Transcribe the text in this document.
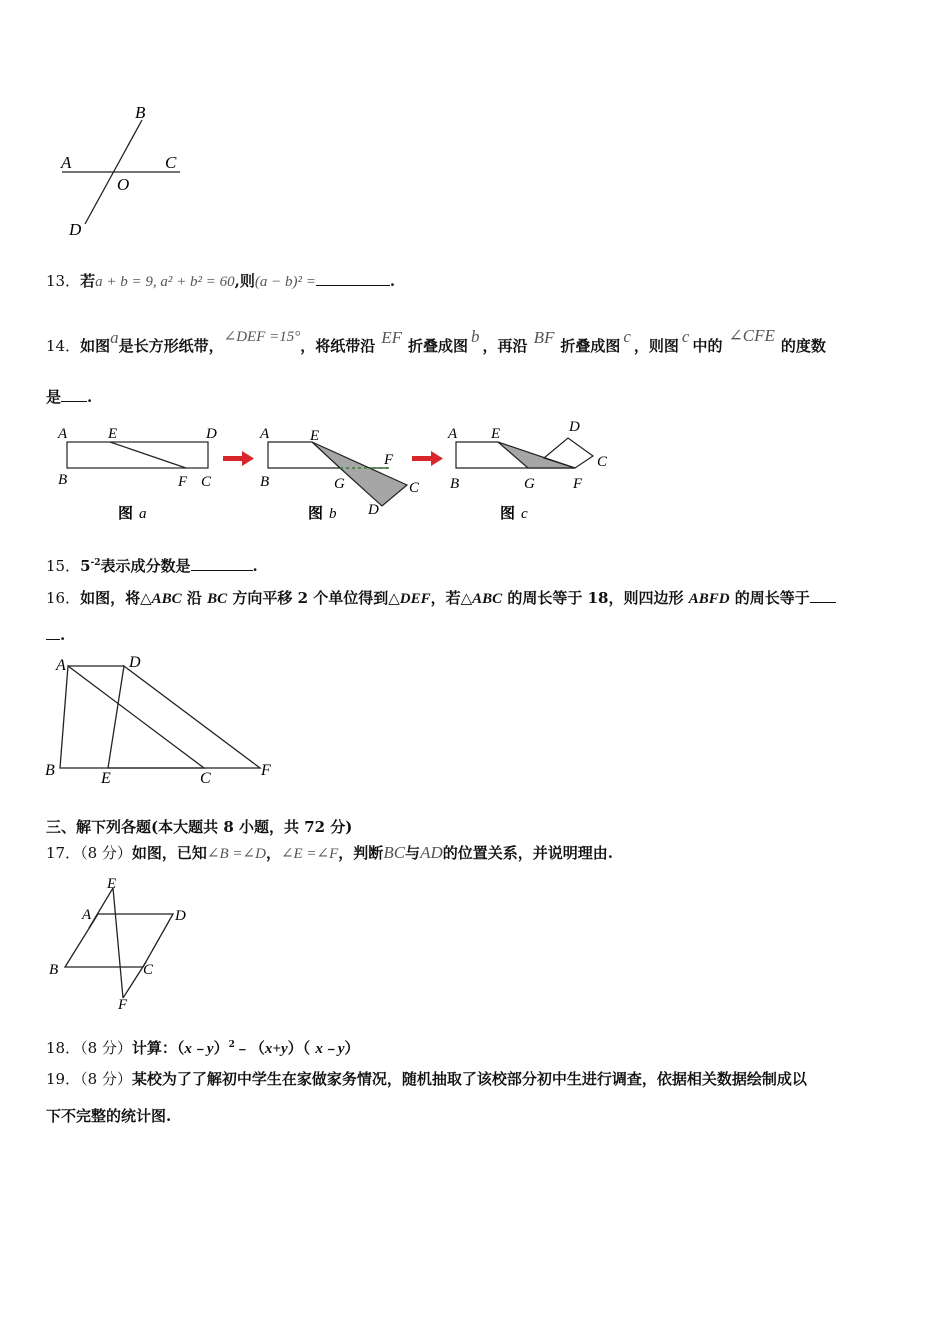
B
A	C
O
D
13．若a + b = 9, a² + b² = 60,则(a − b)² =	.
14．如图a是长方形纸带，∠DEF =15°，将纸带沿 EF 折叠成图 b ，再沿 BF 折叠成图 c ，则图 c 中的∠CFE的度数
是 .
A	E	D
B	F C
图 a
A	E
F
B	G	C
D
图 b
A E	D
C
B	G	F
图 c
15．$5^{-2}$表示成分数是	.
16．如图，将△ABC 沿 BC 方向平移 2 个单位得到△DEF，若△ABC 的周长等于 18，则四边形 ABFD 的周长等于
.
A	D
B	E	C	F
三、解下列各题(本大题共 8 小题，共 72 分)
17．（8 分）如图，已知∠B =∠D，∠E =∠F，判断BC与AD的位置关系，并说明理由.
E
A	D
B	C
F
18．（8 分）计算：（x﹣y）$^2$﹣（x+y）（ x﹣y）
19．（8 分）某校为了了解初中学生在家做家务情况，随机抽取了该校部分初中生进行调查，依据相关数据绘制成以
下不完整的统计图.
